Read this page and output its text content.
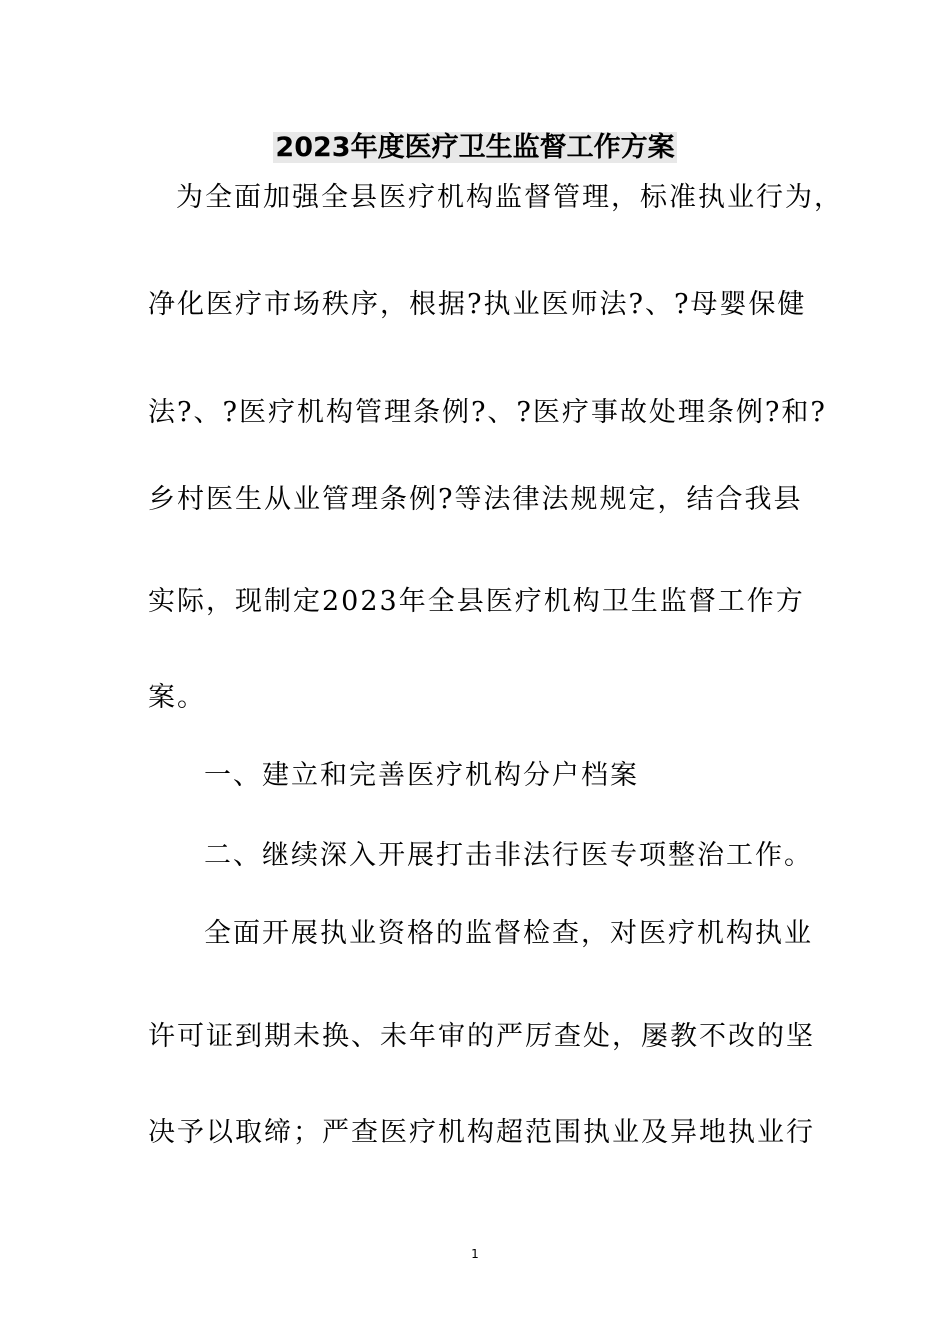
2023年度医疗卫生监督工作方案
为全面加强全县医疗机构监督管理，标准执业行为，
净化医疗市场秩序，根据?执业医师法?、?母婴保健
法?、?医疗机构管理条例?、?医疗事故处理条例?和?
乡村医生从业管理条例?等法律法规规定，结合我县
实际，现制定2023年全县医疗机构卫生监督工作方
案。
一、建立和完善医疗机构分户档案
二、继续深入开展打击非法行医专项整治工作。
全面开展执业资格的监督检查，对医疗机构执业
许可证到期未换、未年审的严厉查处，屡教不改的坚
决予以取缔；严查医疗机构超范围执业及异地执业行
1
